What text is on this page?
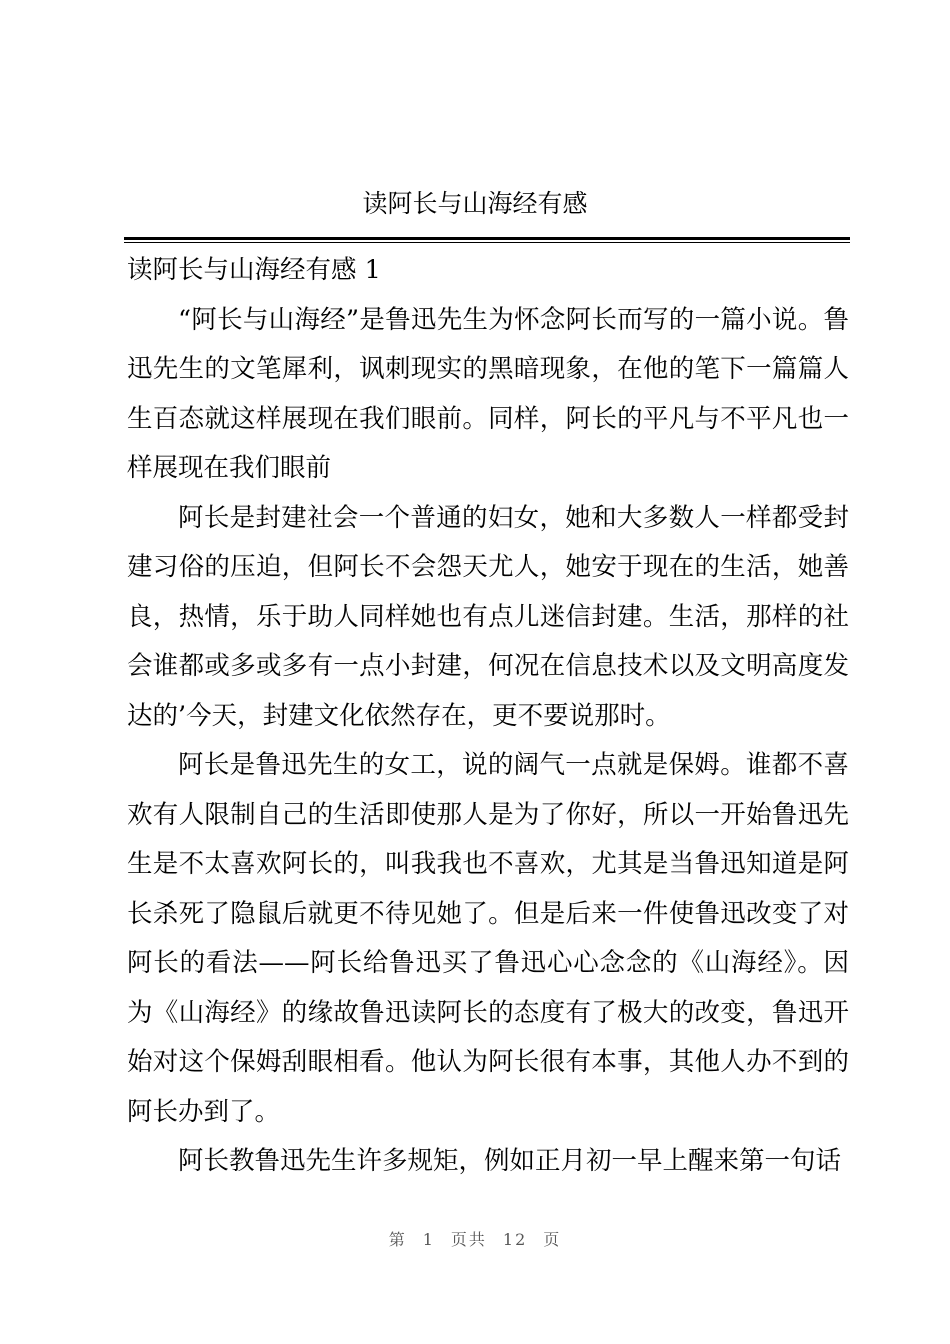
读阿长与山海经有感

读阿长与山海经有感 1

“阿长与山海经”是鲁迅先生为怀念阿长而写的一篇小说。鲁迅先生的文笔犀利，讽刺现实的黑暗现象，在他的笔下一篇篇人生百态就这样展现在我们眼前。同样，阿长的平凡与不平凡也一样展现在我们眼前

阿长是封建社会一个普通的妇女，她和大多数人一样都受封建习俗的压迫，但阿长不会怨天尤人，她安于现在的生活，她善良，热情，乐于助人同样她也有点儿迷信封建。生活，那样的社会谁都或多或多有一点小封建，何况在信息技术以及文明高度发达的’今天，封建文化依然存在，更不要说那时。

阿长是鲁迅先生的女工，说的阔气一点就是保姆。谁都不喜欢有人限制自己的生活即使那人是为了你好，所以一开始鲁迅先生是不太喜欢阿长的，叫我我也不喜欢，尤其是当鲁迅知道是阿长杀死了隐鼠后就更不待见她了。但是后来一件使鲁迅改变了对阿长的看法——阿长给鲁迅买了鲁迅心心念念的《山海经》。因为《山海经》的缘故鲁迅读阿长的态度有了极大的改变，鲁迅开始对这个保姆刮眼相看。他认为阿长很有本事，其他人办不到的阿长办到了。

阿长教鲁迅先生许多规矩，例如正月初一早上醒来第一句话

第 1 页共 12 页
